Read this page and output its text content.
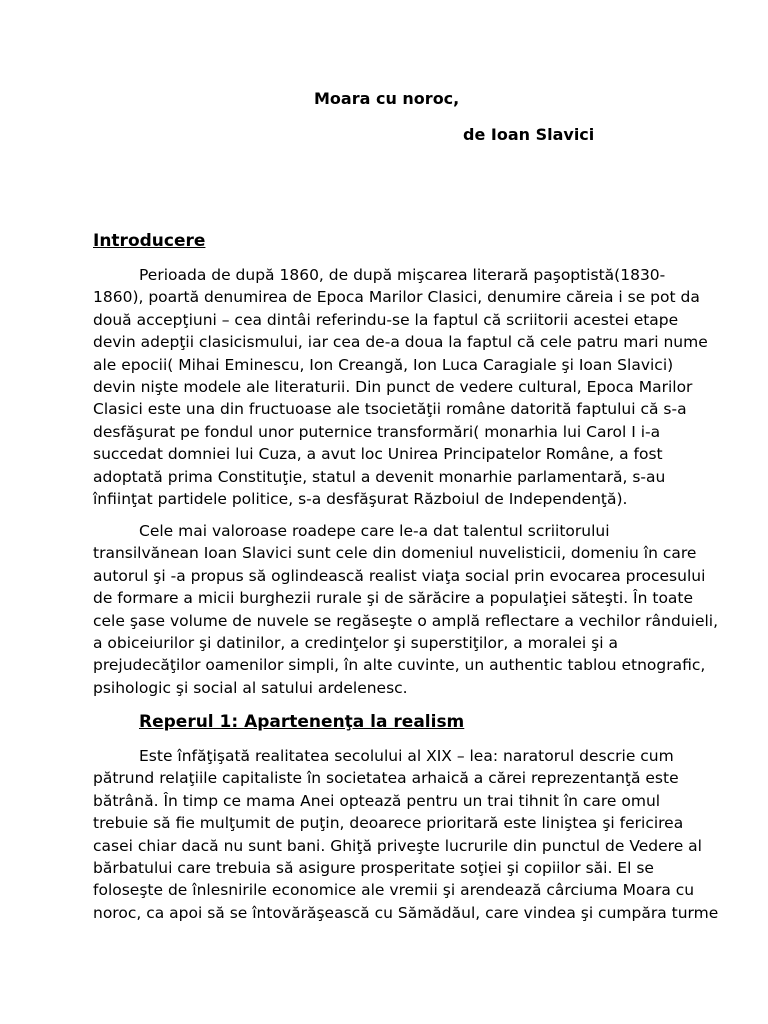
Moara cu noroc,
de Ioan Slavici
Introducere
Perioada de după 1860, de după mişcarea literară paşoptistă(1830-
1860), poartă denumirea de Epoca Marilor Clasici, denumire căreia i se pot da
două accepţiuni – cea dintâi referindu-se la faptul că scriitorii acestei etape
devin adepţii clasicismului, iar cea de-a doua la faptul că cele patru mari nume
ale epocii( Mihai Eminescu, Ion Creangă, Ion Luca Caragiale şi Ioan Slavici)
devin nişte modele ale literaturii. Din punct de vedere cultural, Epoca Marilor
Clasici este una din fructuoase ale tsocietăţii române datorită faptului că s-a
desfăşurat pe fondul unor puternice transformări( monarhia lui Carol I i-a
succedat domniei lui Cuza, a avut loc Unirea Principatelor Române, a fost
adoptată prima Constituţie, statul a devenit monarhie parlamentară, s-au
înfiinţat partidele politice, s-a desfăşurat Războiul de Independenţă).
Cele mai valoroase roadepe care le-a dat talentul scriitorului
transilvănean Ioan Slavici sunt cele din domeniul nuvelisticii, domeniu în care
autorul şi -a propus să oglindească realist viaţa social prin evocarea procesului
de formare a micii burghezii rurale şi de sărăcire a populaţiei săteşti. În toate
cele şase volume de nuvele se regăseşte o amplă reflectare a vechilor rânduieli,
a obiceiurilor şi datinilor, a credinţelor şi superstiţilor, a moralei şi a
prejudecăţilor oamenilor simpli, în alte cuvinte, un authentic tablou etnografic,
psihologic şi social al satului ardelenesc.
Reperul 1: Apartenenţa la realism
Este înfăţişată realitatea secolului al XIX – lea: naratorul descrie cum
pătrund relaţiile capitaliste în societatea arhaică a cărei reprezentanţă este
bătrână. În timp ce mama Anei optează pentru un trai tihnit în care omul
trebuie să fie mulţumit de puţin, deoarece prioritară este liniştea şi fericirea
casei chiar dacă nu sunt bani. Ghiţă priveşte lucrurile din punctul de Vedere al
bărbatului care trebuia să asigure prosperitate soţiei şi copiilor săi. El se
foloseşte de înlesnirile economice ale vremii şi arendează cârciuma Moara cu
noroc, ca apoi să se întovărăşească cu Sămădăul, care vindea şi cumpăra turme
